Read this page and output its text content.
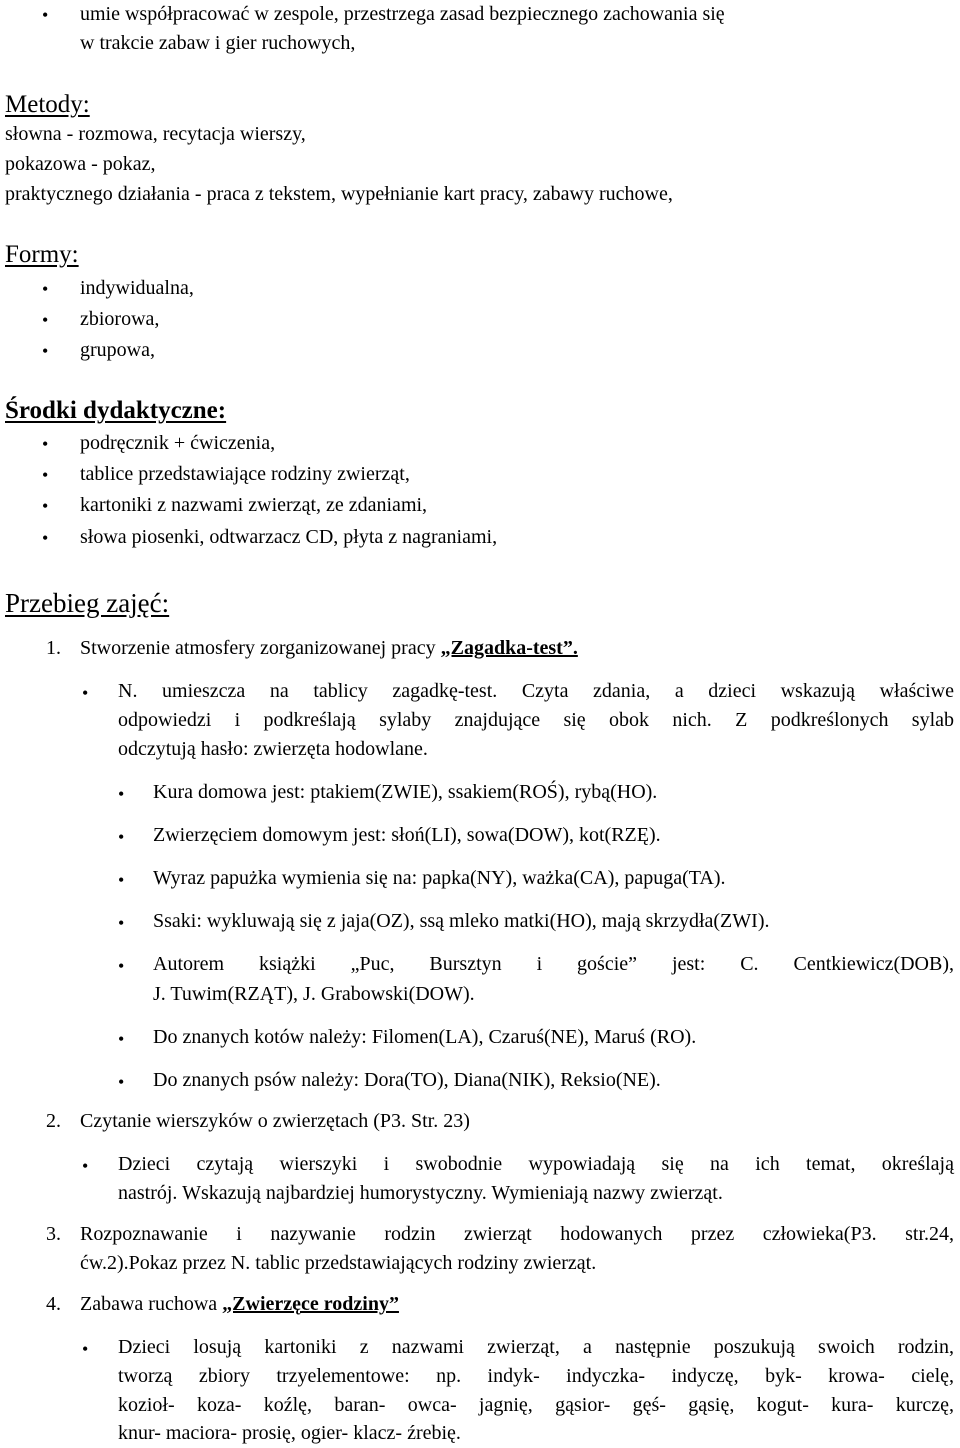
• umie współpracować w zespole, przestrzega zasad bezpiecznego zachowania się
w trakcie zabaw i gier ruchowych,
Metody:
słowna - rozmowa, recytacja wierszy,
pokazowa - pokaz,
praktycznego działania - praca z tekstem, wypełnianie kart pracy, zabawy ruchowe,
Formy:
• indywidualna,
• zbiorowa,
• grupowa,
Środki dydaktyczne:
• podręcznik + ćwiczenia,
• tablice przedstawiające rodziny zwierząt,
• kartoniki z nazwami zwierząt, ze zdaniami,
• słowa piosenki, odtwarzacz CD, płyta z nagraniami,
Przebieg zajęć:
1. Stworzenie atmosfery zorganizowanej pracy „Zagadka-test”.
• N. umieszcza na tablicy zagadkę-test. Czyta zdania, a dzieci wskazują właściwe
odpowiedzi i podkreślają sylaby znajdujące się obok nich. Z podkreślonych sylab
odczytują hasło: zwierzęta hodowlane.
• Kura domowa jest: ptakiem(ZWIE), ssakiem(ROŚ), rybą(HO).
• Zwierzęciem domowym jest: słoń(LI), sowa(DOW), kot(RZĘ).
• Wyraz papużka wymienia się na: papka(NY), ważka(CA), papuga(TA).
• Ssaki: wykluwają się z jaja(OZ), ssą mleko matki(HO), mają skrzydła(ZWI).
• Autorem książki „Puc, Bursztyn i goście” jest: C. Centkiewicz(DOB),
J. Tuwim(RZĄT), J. Grabowski(DOW).
• Do znanych kotów należy: Filomen(LA), Czaruś(NE), Maruś (RO).
• Do znanych psów należy: Dora(TO), Diana(NIK), Reksio(NE).
2. Czytanie wierszyków o zwierzętach (P3. Str. 23)
• Dzieci czytają wierszyki i swobodnie wypowiadają się na ich temat, określają
nastrój. Wskazują najbardziej humorystyczny. Wymieniają nazwy zwierząt.
3. Rozpoznawanie i nazywanie rodzin zwierząt hodowanych przez człowieka(P3. str.24,
ćw.2).Pokaz przez N. tablic przedstawiających rodziny zwierząt.
4. Zabawa ruchowa „Zwierzęce rodziny”
• Dzieci losują kartoniki z nazwami zwierząt, a następnie poszukują swoich rodzin,
tworzą zbiory trzyelementowe: np. indyk- indyczka- indyczę, byk- krowa- cielę,
kozioł- koza- koźlę, baran- owca- jagnię, gąsior- gęś- gąsię, kogut- kura- kurczę,
knur- maciora- prosię, ogier- klacz- źrebię.
